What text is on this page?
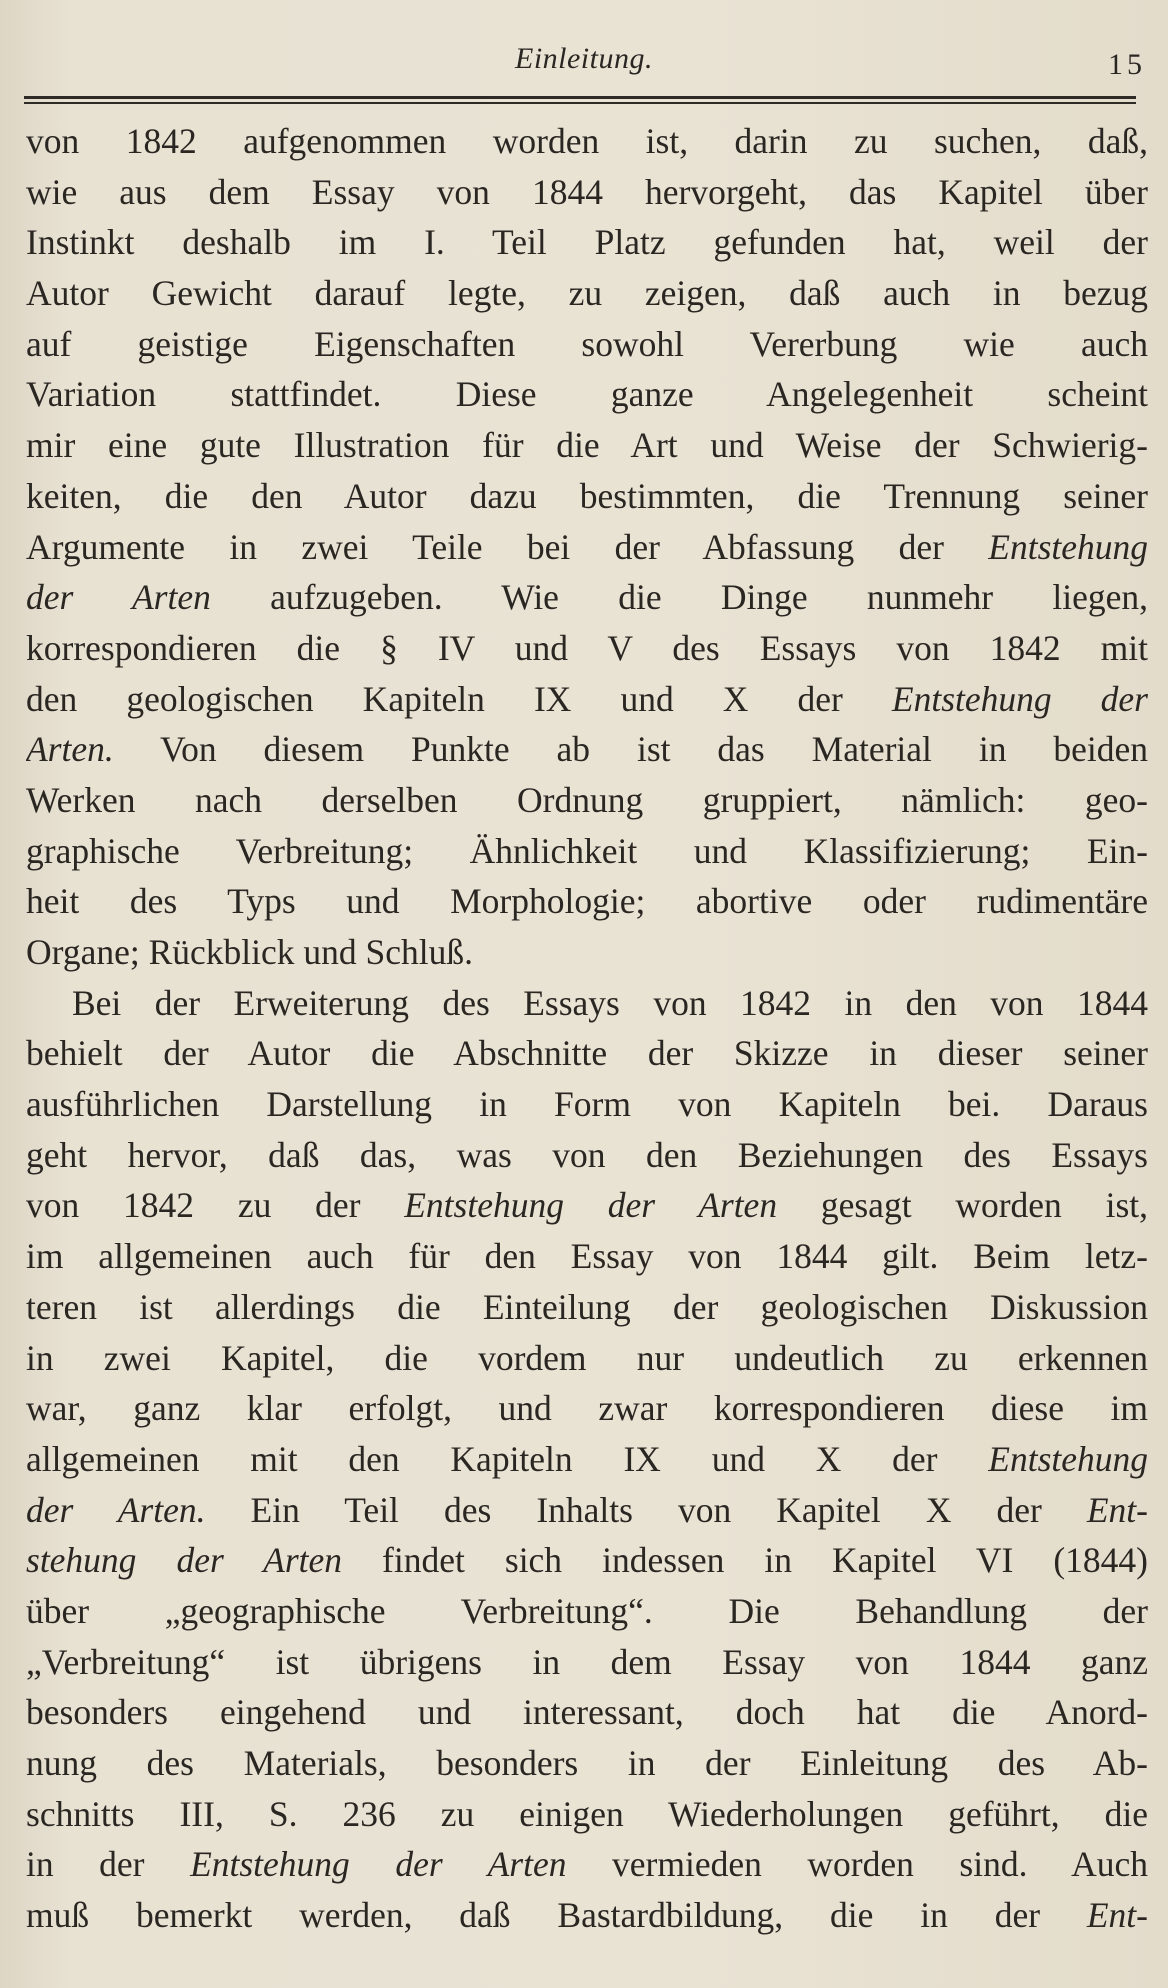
Einleitung.	15
von 1842 aufgenommen worden ist, darin zu suchen, daß,
wie aus dem Essay von 1844 hervorgeht, das Kapitel über
Instinkt deshalb im I. Teil Platz gefunden hat, weil der
Autor Gewicht darauf legte, zu zeigen, daß auch in bezug
auf geistige Eigenschaften sowohl Vererbung wie auch
Variation stattfindet. Diese ganze Angelegenheit scheint
mir eine gute Illustration für die Art und Weise der Schwierig-
keiten, die den Autor dazu bestimmten, die Trennung seiner
Argumente in zwei Teile bei der Abfassung der Entstehung
der Arten aufzugeben. Wie die Dinge nunmehr liegen,
korrespondieren die § IV und V des Essays von 1842 mit
den geologischen Kapiteln IX und X der Entstehung der
Arten. Von diesem Punkte ab ist das Material in beiden
Werken nach derselben Ordnung gruppiert, nämlich: geo-
graphische Verbreitung; Ähnlichkeit und Klassifizierung; Ein-
heit des Typs und Morphologie; abortive oder rudimentäre
Organe; Rückblick und Schluß.
Bei der Erweiterung des Essays von 1842 in den von 1844
behielt der Autor die Abschnitte der Skizze in dieser seiner
ausführlichen Darstellung in Form von Kapiteln bei. Daraus
geht hervor, daß das, was von den Beziehungen des Essays
von 1842 zu der Entstehung der Arten gesagt worden ist,
im allgemeinen auch für den Essay von 1844 gilt. Beim letz-
teren ist allerdings die Einteilung der geologischen Diskussion
in zwei Kapitel, die vordem nur undeutlich zu erkennen
war, ganz klar erfolgt, und zwar korrespondieren diese im
allgemeinen mit den Kapiteln IX und X der Entstehung
der Arten. Ein Teil des Inhalts von Kapitel X der Ent-
stehung der Arten findet sich indessen in Kapitel VI (1844)
über „geographische Verbreitung“. Die Behandlung der
„Verbreitung“ ist übrigens in dem Essay von 1844 ganz
besonders eingehend und interessant, doch hat die Anord-
nung des Materials, besonders in der Einleitung des Ab-
schnitts III, S. 236 zu einigen Wiederholungen geführt, die
in der Entstehung der Arten vermieden worden sind. Auch
muß bemerkt werden, daß Bastardbildung, die in der Ent-
